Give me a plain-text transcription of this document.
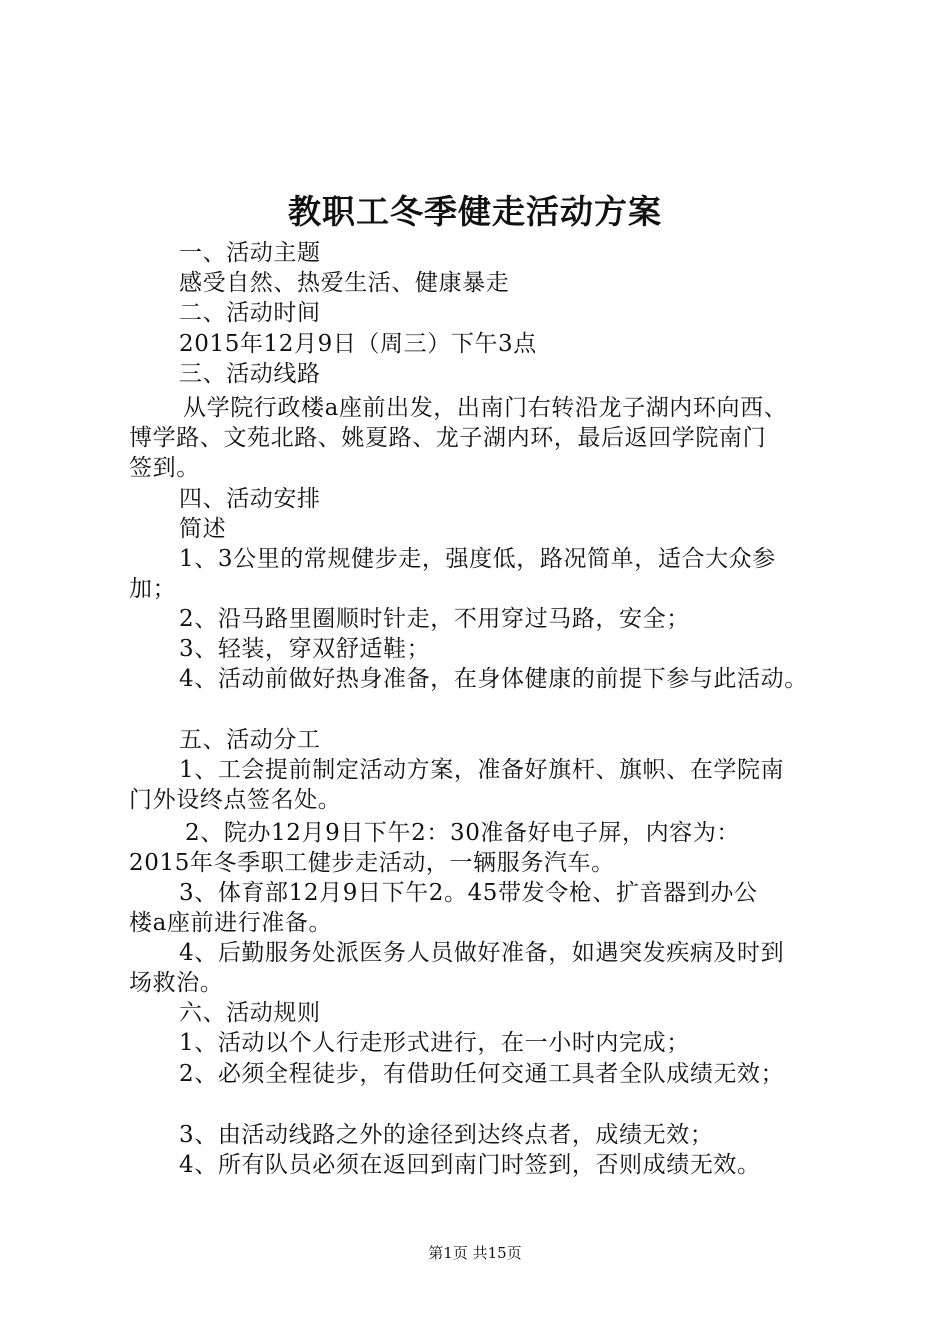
教职工冬季健走活动方案
一、活动主题
感受自然、热爱生活、健康暴走
二、活动时间
2015年12月9日（周三）下午3点
三、活动线路
从学院行政楼a座前出发，出南门右转沿龙子湖内环向西、
博学路、文苑北路、姚夏路、龙子湖内环，最后返回学院南门
签到。
四、活动安排
简述
1、3公里的常规健步走，强度低，路况简单，适合大众参
加；
2、沿马路里圈顺时针走，不用穿过马路，安全；
3、轻装，穿双舒适鞋；
4、活动前做好热身准备，在身体健康的前提下参与此活动。
五、活动分工
1、工会提前制定活动方案，准备好旗杆、旗帜、在学院南
门外设终点签名处。
2、院办12月9日下午2：30准备好电子屏，内容为：
2015年冬季职工健步走活动，一辆服务汽车。
3、体育部12月9日下午2。45带发令枪、扩音器到办公
楼a座前进行准备。
4、后勤服务处派医务人员做好准备，如遇突发疾病及时到
场救治。
六、活动规则
1、活动以个人行走形式进行，在一小时内完成；
2、必须全程徒步，有借助任何交通工具者全队成绩无效；
3、由活动线路之外的途径到达终点者，成绩无效；
4、所有队员必须在返回到南门时签到，否则成绩无效。
第1页 共15页
